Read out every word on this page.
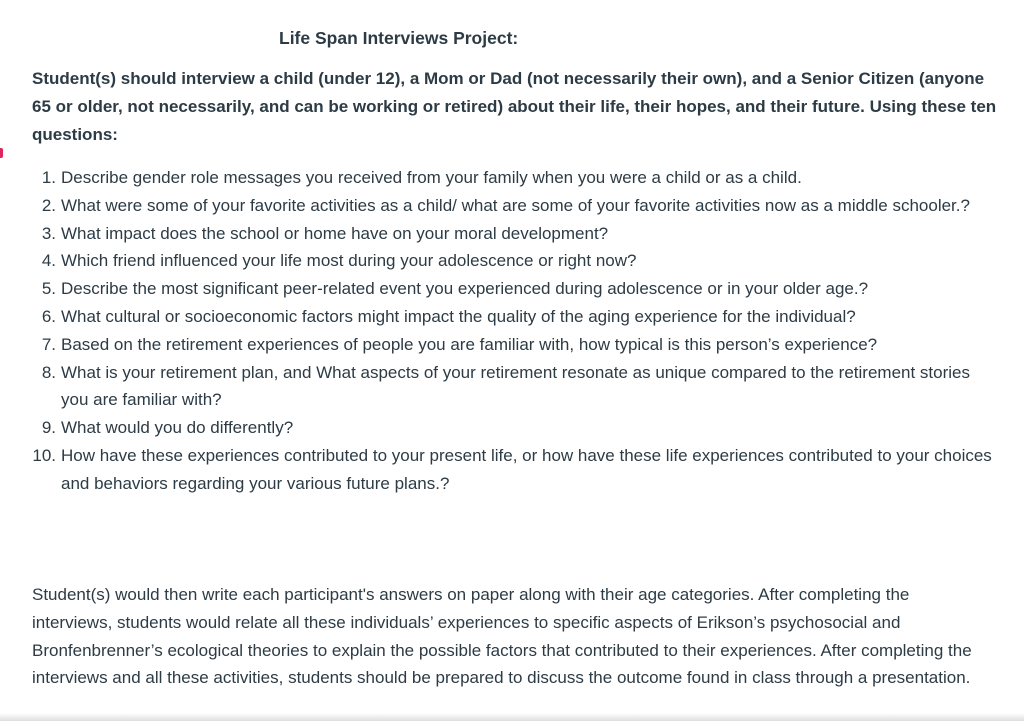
Life Span Interviews Project:
Student(s) should interview a child (under 12), a Mom or Dad (not necessarily their own), and a Senior Citizen (anyone 65 or older, not necessarily, and can be working or retired) about their life, their hopes, and their future. Using these ten questions:
1. Describe gender role messages you received from your family when you were a child or as a child.
2. What were some of your favorite activities as a child/ what are some of your favorite activities now as a middle schooler.?
3. What impact does the school or home have on your moral development?
4. Which friend influenced your life most during your adolescence or right now?
5. Describe the most significant peer-related event you experienced during adolescence or in your older age.?
6. What cultural or socioeconomic factors might impact the quality of the aging experience for the individual?
7. Based on the retirement experiences of people you are familiar with, how typical is this person’s experience?
8. What is your retirement plan, and What aspects of your retirement resonate as unique compared to the retirement stories you are familiar with?
9. What would you do differently?
10. How have these experiences contributed to your present life, or how have these life experiences contributed to your choices and behaviors regarding your various future plans.?
Student(s) would then write each participant's answers on paper along with their age categories. After completing the interviews, students would relate all these individuals’ experiences to specific aspects of Erikson’s psychosocial and Bronfenbrenner’s ecological theories to explain the possible factors that contributed to their experiences. After completing the interviews and all these activities, students should be prepared to discuss the outcome found in class through a presentation.
